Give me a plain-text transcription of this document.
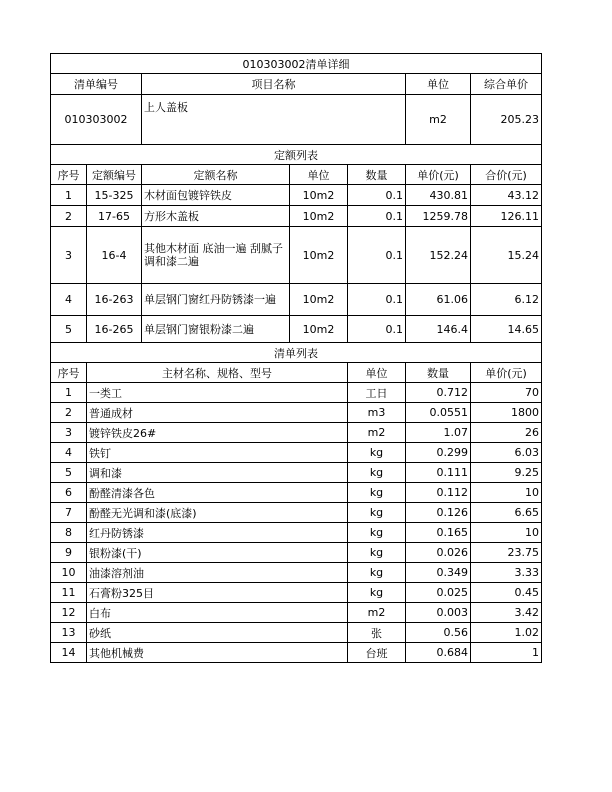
010303002清单详细							
清单编号		项目名称			单位	综合单价	
010303002		上人盖板			m2	205.23	
定额列表							
序号	定额编号	定额名称	单位	数量	单价(元)	合价(元)	
1	15-325	木材面包镀锌铁皮	10m2	0.1	430.81	43.12	
2	17-65	方形木盖板	10m2	0.1	1259.78	126.11	
3	16-4	其他木材面 底油一遍 刮腻子 调和漆二遍	10m2	0.1	152.24	15.24	
4	16-263	单层钢门窗红丹防锈漆一遍	10m2	0.1	61.06	6.12	
5	16-265	单层钢门窗银粉漆二遍	10m2	0.1	146.4	14.65	
清单列表							
序号	主材名称、规格、型号			单位	数量	单价(元)	
1	一类工			工日	0.712	70	
2	普通成材			m3	0.0551	1800	
3	镀锌铁皮26#			m2	1.07	26	
4	铁钉			kg	0.299	6.03	
5	调和漆			kg	0.111	9.25	
6	酚醛清漆各色			kg	0.112	10	
7	酚醛无光调和漆(底漆)			kg	0.126	6.65	
8	红丹防锈漆			kg	0.165	10	
9	银粉漆(干)			kg	0.026	23.75	
10	油漆溶剂油			kg	0.349	3.33	
11	石膏粉325目			kg	0.025	0.45	
12	白布			m2	0.003	3.42	
13	砂纸			张	0.56	1.02	
14	其他机械费			台班	0.684	1	
